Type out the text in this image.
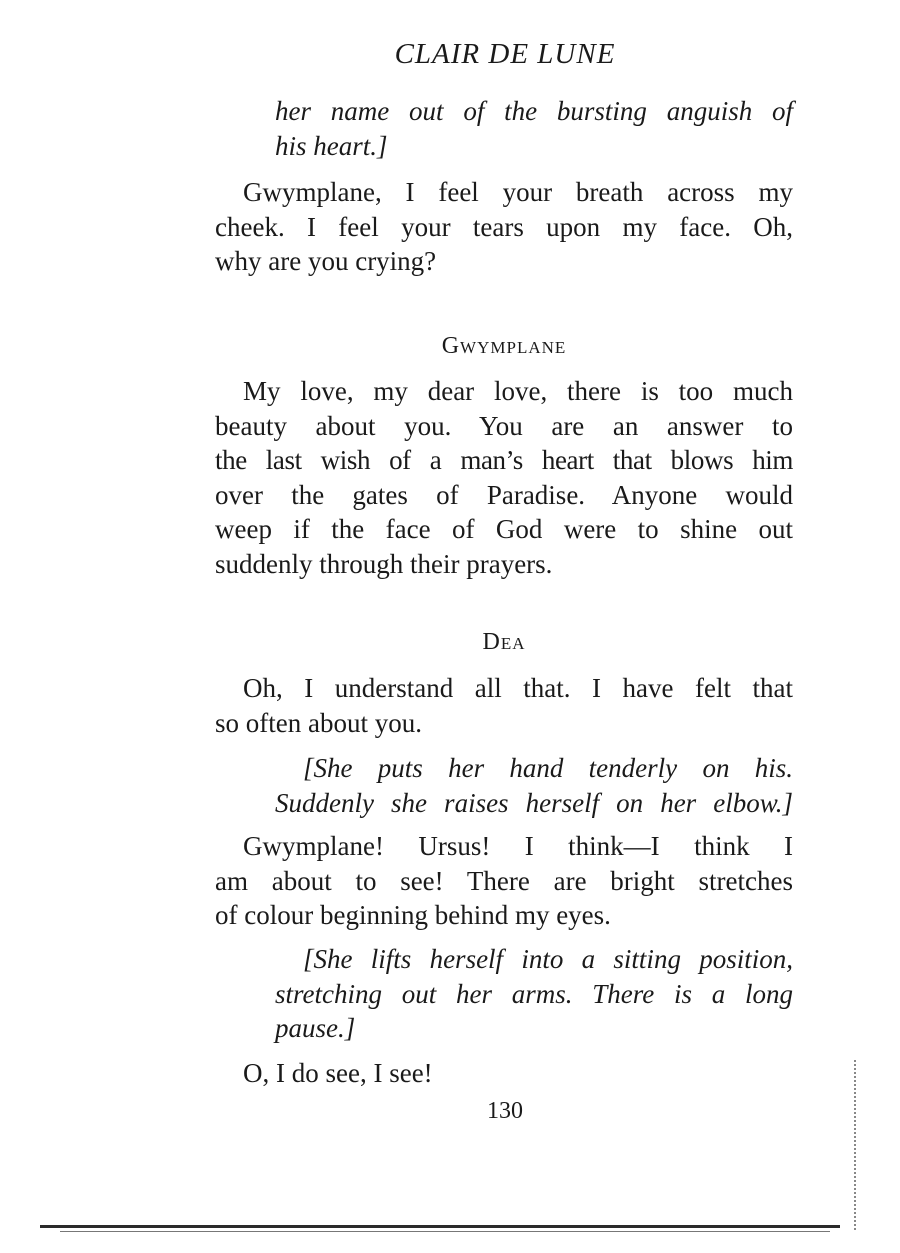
CLAIR DE LUNE
her name out of the bursting anguish of
his heart.]
Gwymplane, I feel your breath across my
cheek. I feel your tears upon my face. Oh,
why are you crying?
Gwymplane
My love, my dear love, there is too much
beauty about you. You are an answer to
the last wish of a man’s heart that blows him
over the gates of Paradise. Anyone would
weep if the face of God were to shine out
suddenly through their prayers.
Dea
Oh, I understand all that. I have felt that
so often about you.
[She puts her hand tenderly on his.
Suddenly she raises herself on her elbow.]
Gwymplane! Ursus! I think—I think I
am about to see! There are bright stretches
of colour beginning behind my eyes.
[She lifts herself into a sitting position,
stretching out her arms. There is a long
pause.]
O, I do see, I see!
130
